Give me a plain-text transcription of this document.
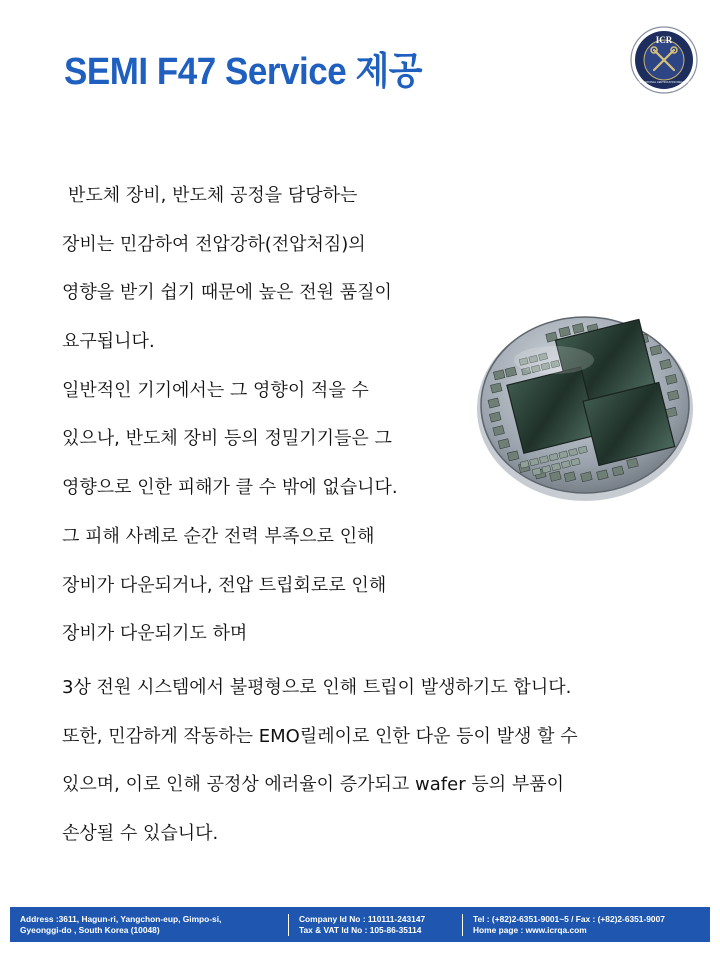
SEMI F47 Service 제공
ICR
INTERNATIONAL CERTIFICATION REGISTRAR
반도체 장비, 반도체 공정을 담당하는
장비는 민감하여 전압강하(전압처짐)의
영향을 받기 쉽기 때문에 높은 전원 품질이
요구됩니다.
일반적인 기기에서는 그 영향이 적을 수
있으나, 반도체 장비 등의 정밀기기들은 그
영향으로 인한 피해가 클 수 밖에 없습니다.
그 피해 사례로 순간 전력 부족으로 인해
장비가 다운되거나, 전압 트립회로로 인해
장비가 다운되기도 하며
3상 전원 시스템에서 불평형으로 인해 트립이 발생하기도 합니다.
또한, 민감하게 작동하는 EMO릴레이로 인한 다운 등이 발생 할 수
있으며, 이로 인해 공정상 에러율이 증가되고 wafer 등의 부품이
손상될 수 있습니다.
Address :3611, Hagun-ri, Yangchon-eup, Gimpo-si,
Gyeonggi-do , South Korea (10048)
Company Id No : 110111-243147
Tax & VAT Id No : 105-86-35114
Tel : (+82)2-6351-9001~5 / Fax : (+82)2-6351-9007
Home page : www.icrqa.com
